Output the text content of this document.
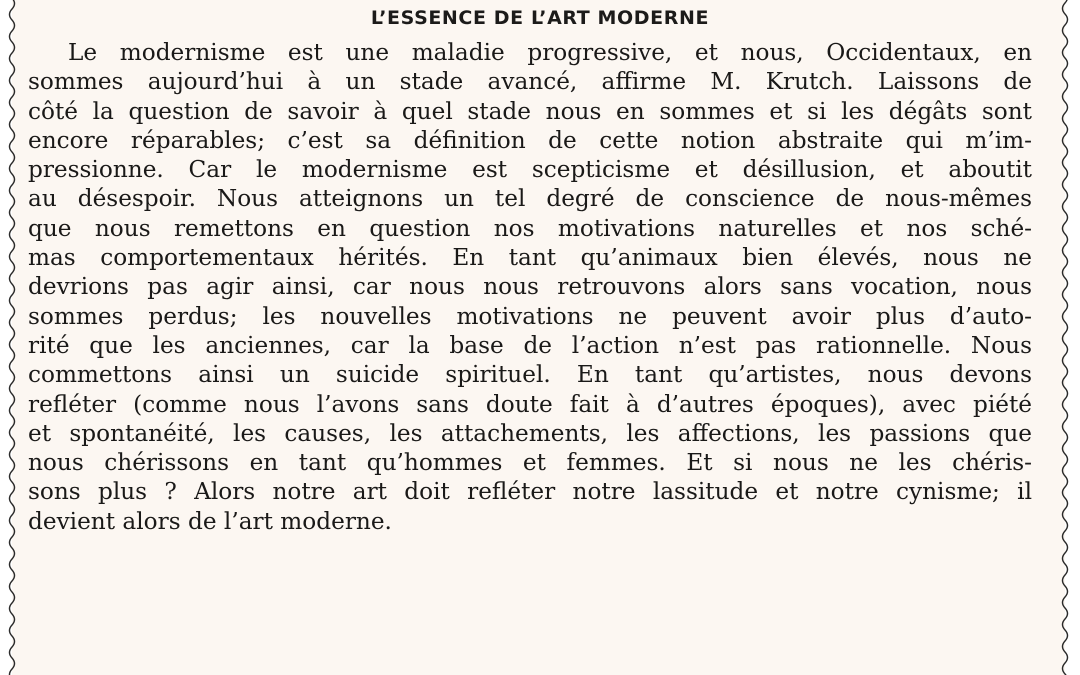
L’ESSENCE DE L’ART MODERNE
Le modernisme est une maladie progressive, et nous, Occidentaux, en
sommes aujourd’hui à un stade avancé, affirme M. Krutch. Laissons de
côté la question de savoir à quel stade nous en sommes et si les dégâts sont
encore réparables; c’est sa définition de cette notion abstraite qui m’im-
pressionne. Car le modernisme est scepticisme et désillusion, et aboutit
au désespoir. Nous atteignons un tel degré de conscience de nous-mêmes
que nous remettons en question nos motivations naturelles et nos sché-
mas comportementaux hérités. En tant qu’animaux bien élevés, nous ne
devrions pas agir ainsi, car nous nous retrouvons alors sans vocation, nous
sommes perdus; les nouvelles motivations ne peuvent avoir plus d’auto-
rité que les anciennes, car la base de l’action n’est pas rationnelle. Nous
commettons ainsi un suicide spirituel. En tant qu’artistes, nous devons
refléter (comme nous l’avons sans doute fait à d’autres époques), avec piété
et spontanéité, les causes, les attachements, les affections, les passions que
nous chérissons en tant qu’hommes et femmes. Et si nous ne les chéris-
sons plus ? Alors notre art doit refléter notre lassitude et notre cynisme; il
devient alors de l’art moderne.
